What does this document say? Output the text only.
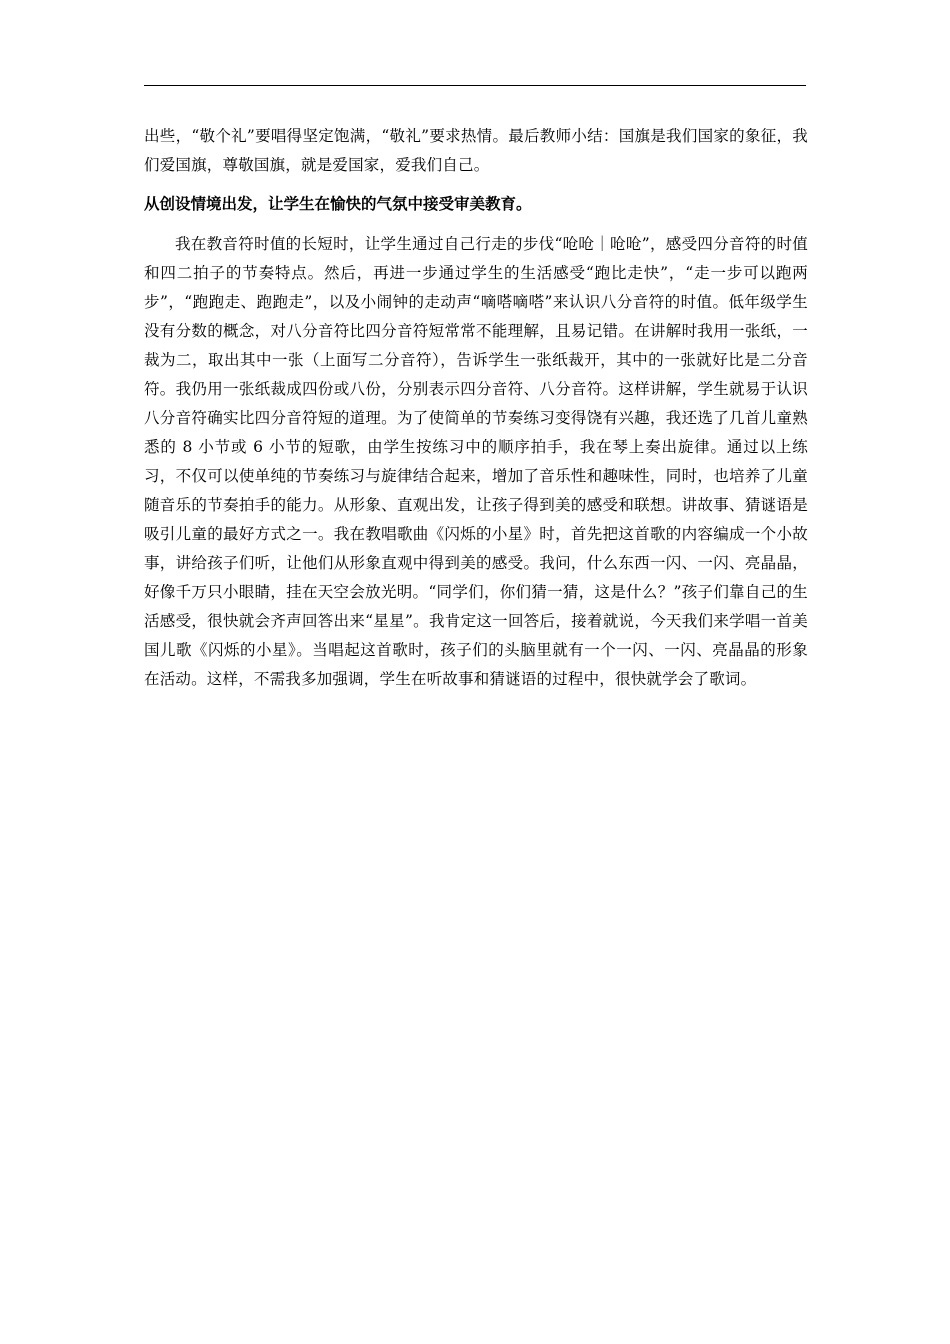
出些，“敬个礼”要唱得坚定饱满，“敬礼”要求热情。最后教师小结：国旗是我们国家的象征，我们爱国旗，尊敬国旗，就是爱国家，爱我们自己。

从创设情境出发，让学生在愉快的气氛中接受审美教育。

我在教音符时值的长短时，让学生通过自己行走的步伐“呛呛｜呛呛”，感受四分音符的时值和四二拍子的节奏特点。然后，再进一步通过学生的生活感受“跑比走快”，“走一步可以跑两步”，“跑跑走、跑跑走”，以及小闹钟的走动声“嘀嗒嘀嗒”来认识八分音符的时值。低年级学生没有分数的概念，对八分音符比四分音符短常常不能理解，且易记错。在讲解时我用一张纸，一裁为二，取出其中一张（上面写二分音符），告诉学生一张纸裁开，其中的一张就好比是二分音符。我仍用一张纸裁成四份或八份，分别表示四分音符、八分音符。这样讲解，学生就易于认识八分音符确实比四分音符短的道理。为了使简单的节奏练习变得饶有兴趣，我还选了几首儿童熟悉的 8 小节或 6 小节的短歌，由学生按练习中的顺序拍手，我在琴上奏出旋律。通过以上练习，不仅可以使单纯的节奏练习与旋律结合起来，增加了音乐性和趣味性，同时，也培养了儿童随音乐的节奏拍手的能力。从形象、直观出发，让孩子得到美的感受和联想。讲故事、猜谜语是吸引儿童的最好方式之一。我在教唱歌曲《闪烁的小星》时，首先把这首歌的内容编成一个小故事，讲给孩子们听，让他们从形象直观中得到美的感受。我问，什么东西一闪、一闪、亮晶晶，好像千万只小眼睛，挂在天空会放光明。“同学们，你们猜一猜，这是什么？”孩子们靠自己的生活感受，很快就会齐声回答出来“星星”。我肯定这一回答后，接着就说，今天我们来学唱一首美国儿歌《闪烁的小星》。当唱起这首歌时，孩子们的头脑里就有一个一闪、一闪、亮晶晶的形象在活动。这样，不需我多加强调，学生在听故事和猜谜语的过程中，很快就学会了歌词。
